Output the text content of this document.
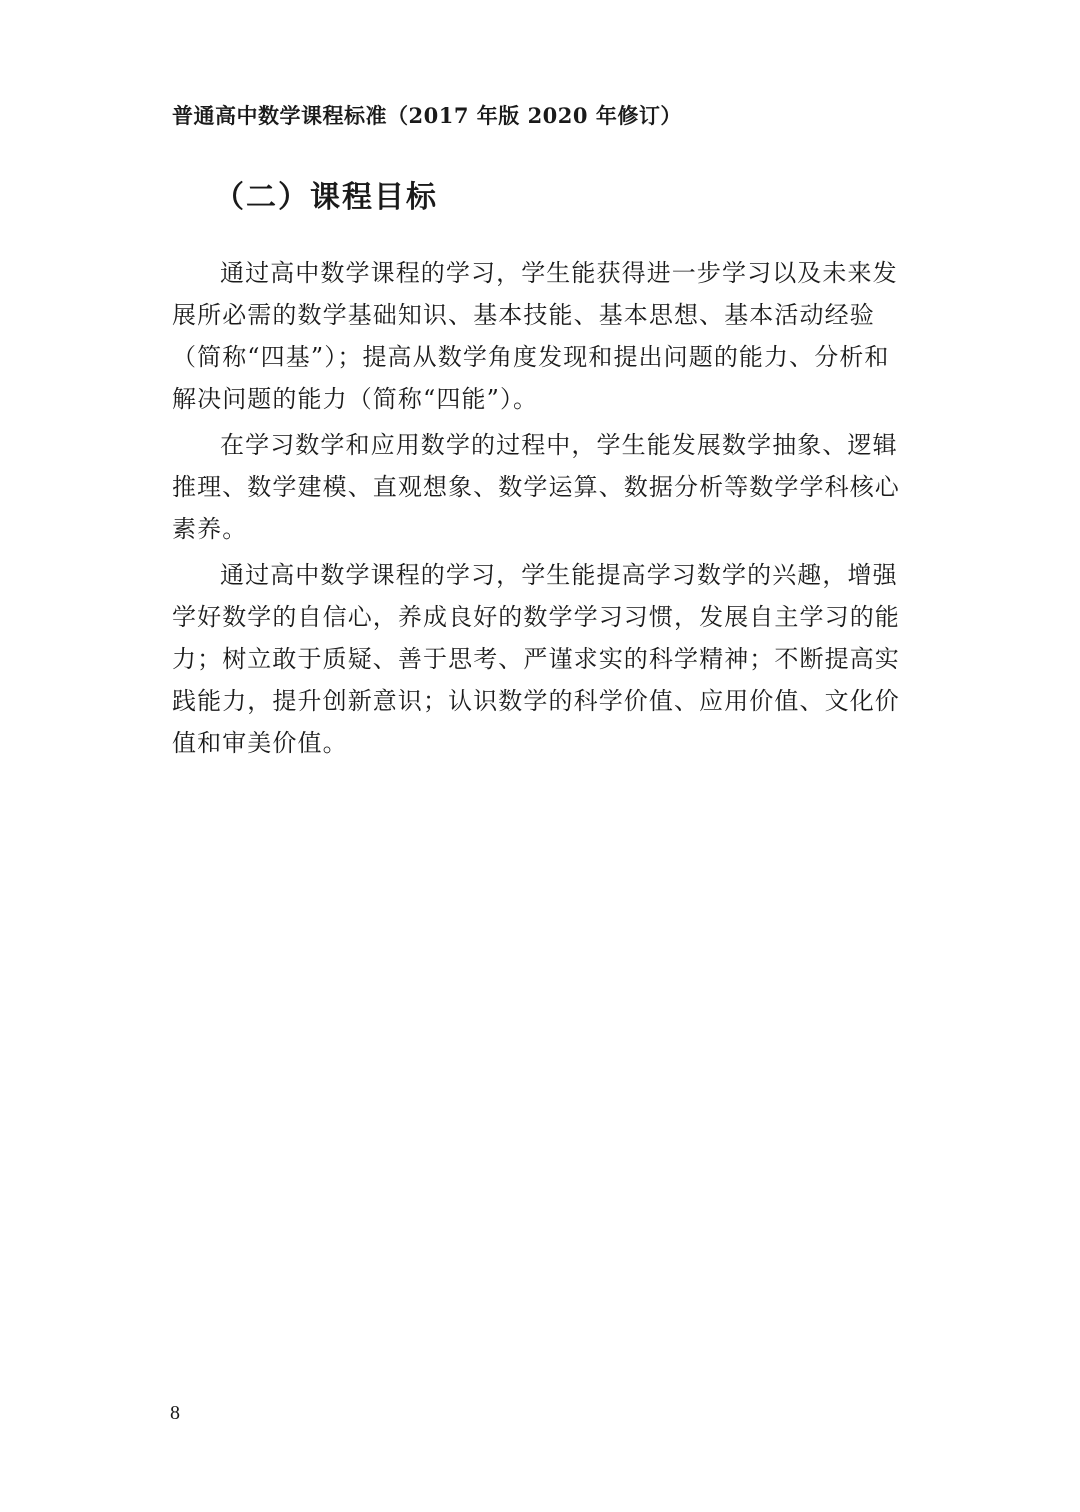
普通高中数学课程标准（2017 年版 2020 年修订）
（二）课程目标
通过高中数学课程的学习，学生能获得进一步学习以及未来发
展所必需的数学基础知识、基本技能、基本思想、基本活动经验
（简称“四基”）；提高从数学角度发现和提出问题的能力、分析和
解决问题的能力（简称“四能”）。
在学习数学和应用数学的过程中，学生能发展数学抽象、逻辑
推理、数学建模、直观想象、数学运算、数据分析等数学学科核心
素养。
通过高中数学课程的学习，学生能提高学习数学的兴趣，增强
学好数学的自信心，养成良好的数学学习习惯，发展自主学习的能
力；树立敢于质疑、善于思考、严谨求实的科学精神；不断提高实
践能力，提升创新意识；认识数学的科学价值、应用价值、文化价
值和审美价值。
8
